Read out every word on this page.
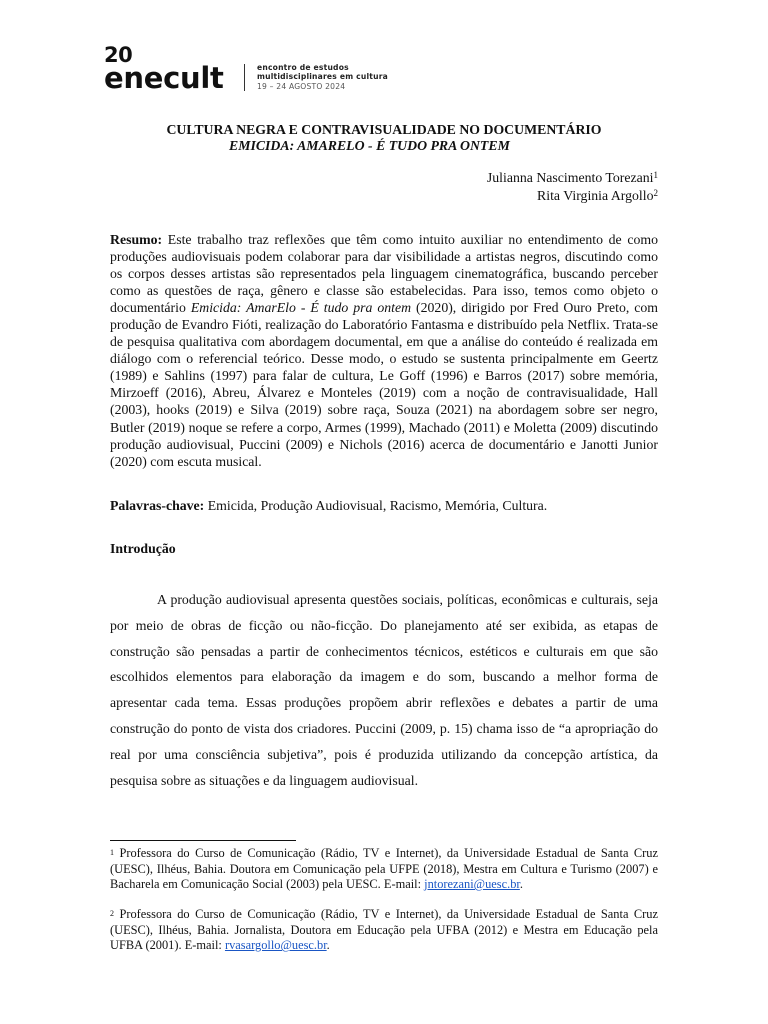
20
enecult	encontro de estudos
multidisciplinares em cultura
19 – 24 AGOSTO 2024
CULTURA NEGRA E CONTRAVISUALIDADE NO DOCUMENTÁRIO
EMICIDA: AMARELO - É TUDO PRA ONTEM
Julianna Nascimento Torezani$^1$
Rita Virginia Argollo$^2$
Resumo: Este trabalho traz reflexões que têm como intuito auxiliar no entendimento de como produções audiovisuais podem colaborar para dar visibilidade a artistas negros, discutindo como os corpos desses artistas são representados pela linguagem cinematográfica, buscando perceber como as questões de raça, gênero e classe são estabelecidas. Para isso, temos como objeto o documentário Emicida: AmarElo - É tudo pra ontem (2020), dirigido por Fred Ouro Preto, com produção de Evandro Fióti, realização do Laboratório Fantasma e distribuído pela Netflix. Trata-se de pesquisa qualitativa com abordagem documental, em que a análise do conteúdo é realizada em diálogo com o referencial teórico. Desse modo, o estudo se sustenta principalmente em Geertz (1989) e Sahlins (1997) para falar de cultura, Le Goff (1996) e Barros (2017) sobre memória, Mirzoeff (2016), Abreu, Álvarez e Monteles (2019) com a noção de contravisualidade, Hall (2003), hooks (2019) e Silva (2019) sobre raça, Souza (2021) na abordagem sobre ser negro, Butler (2019) noque se refere a corpo, Armes (1999), Machado (2011) e Moletta (2009) discutindo produção audiovisual, Puccini (2009) e Nichols (2016) acerca de documentário e Janotti Junior (2020) com escuta musical.
Palavras-chave: Emicida, Produção Audiovisual, Racismo, Memória, Cultura.
Introdução
A produção audiovisual apresenta questões sociais, políticas, econômicas e culturais, seja por meio de obras de ficção ou não-ficção. Do planejamento até ser exibida, as etapas de construção são pensadas a partir de conhecimentos técnicos, estéticos e culturais em que são escolhidos elementos para elaboração da imagem e do som, buscando a melhor forma de apresentar cada tema. Essas produções propõem abrir reflexões e debates a partir de uma construção do ponto de vista dos criadores. Puccini (2009, p. 15) chama isso de “a apropriação do real por uma consciência subjetiva”, pois é produzida utilizando da concepção artística, da pesquisa sobre as situações e da linguagem audiovisual.
$^1$ Professora do Curso de Comunicação (Rádio, TV e Internet), da Universidade Estadual de Santa Cruz (UESC), Ilhéus, Bahia. Doutora em Comunicação pela UFPE (2018), Mestra em Cultura e Turismo (2007) e Bacharela em Comunicação Social (2003) pela UESC. E-mail: jntorezani@uesc.br.
$^2$ Professora do Curso de Comunicação (Rádio, TV e Internet), da Universidade Estadual de Santa Cruz (UESC), Ilhéus, Bahia. Jornalista, Doutora em Educação pela UFBA (2012) e Mestra em Educação pela UFBA (2001). E-mail: rvasargollo@uesc.br.
